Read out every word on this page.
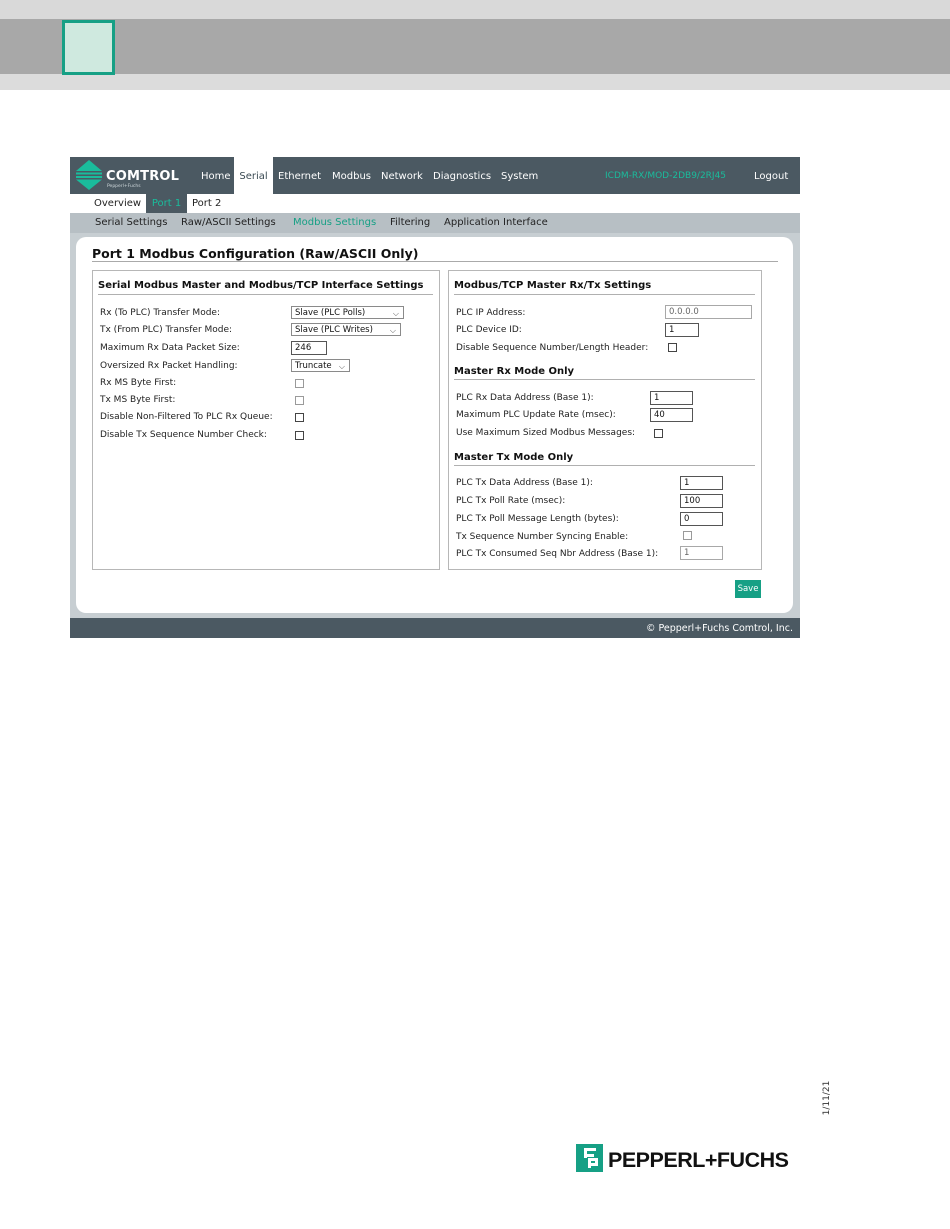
COMTROL
Pepperl+Fuchs
Home Serial	Ethernet Modbus Network Diagnostics System	ICDM-RX/MOD-2DB9/2RJ45	Logout
Overview	Port 1	Port 2
Serial Settings Raw/ASCII Settings Modbus Settings Filtering Application Interface
Port 1 Modbus Configuration (Raw/ASCII Only)
Serial Modbus Master and Modbus/TCP Interface Settings
Rx (To PLC) Transfer Mode:	Slave (PLC Polls)	⌵
Tx (From PLC) Transfer Mode:	Slave (PLC Writes) ⌵
Maximum Rx Data Packet Size:	246
Oversized Rx Packet Handling:	Truncate ⌵
Rx MS Byte First:
Tx MS Byte First:
Disable Non-Filtered To PLC Rx Queue:
Disable Tx Sequence Number Check:
Modbus/TCP Master Rx/Tx Settings
PLC IP Address:	0.0.0.0
PLC Device ID:	1
Disable Sequence Number/Length Header:
Master Rx Mode Only
PLC Rx Data Address (Base 1):	1
Maximum PLC Update Rate (msec):	40
Use Maximum Sized Modbus Messages:
Master Tx Mode Only
PLC Tx Data Address (Base 1):	1
PLC Tx Poll Rate (msec):	100
PLC Tx Poll Message Length (bytes):	0
Tx Sequence Number Syncing Enable:
PLC Tx Consumed Seq Nbr Address (Base 1):	1
Save
© Pepperl+Fuchs Comtrol, Inc.
1/11/21
PEPPERL+FUCHS
